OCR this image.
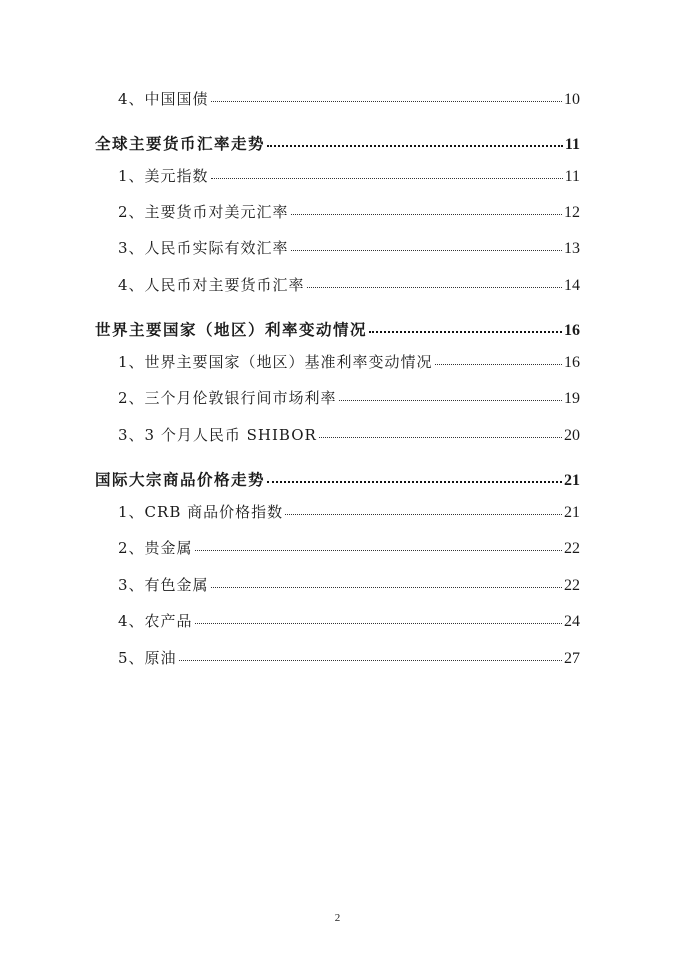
4、中国国债	10
全球主要货币汇率走势	11
1、美元指数	11
2、主要货币对美元汇率	12
3、人民币实际有效汇率	13
4、人民币对主要货币汇率	14
世界主要国家（地区）利率变动情况	16
1、世界主要国家（地区）基准利率变动情况	16
2、三个月伦敦银行间市场利率	19
3、3 个月人民币 SHIBOR	20
国际大宗商品价格走势	21
1、CRB 商品价格指数	21
2、贵金属	22
3、有色金属	22
4、农产品	24
5、原油	27
2
